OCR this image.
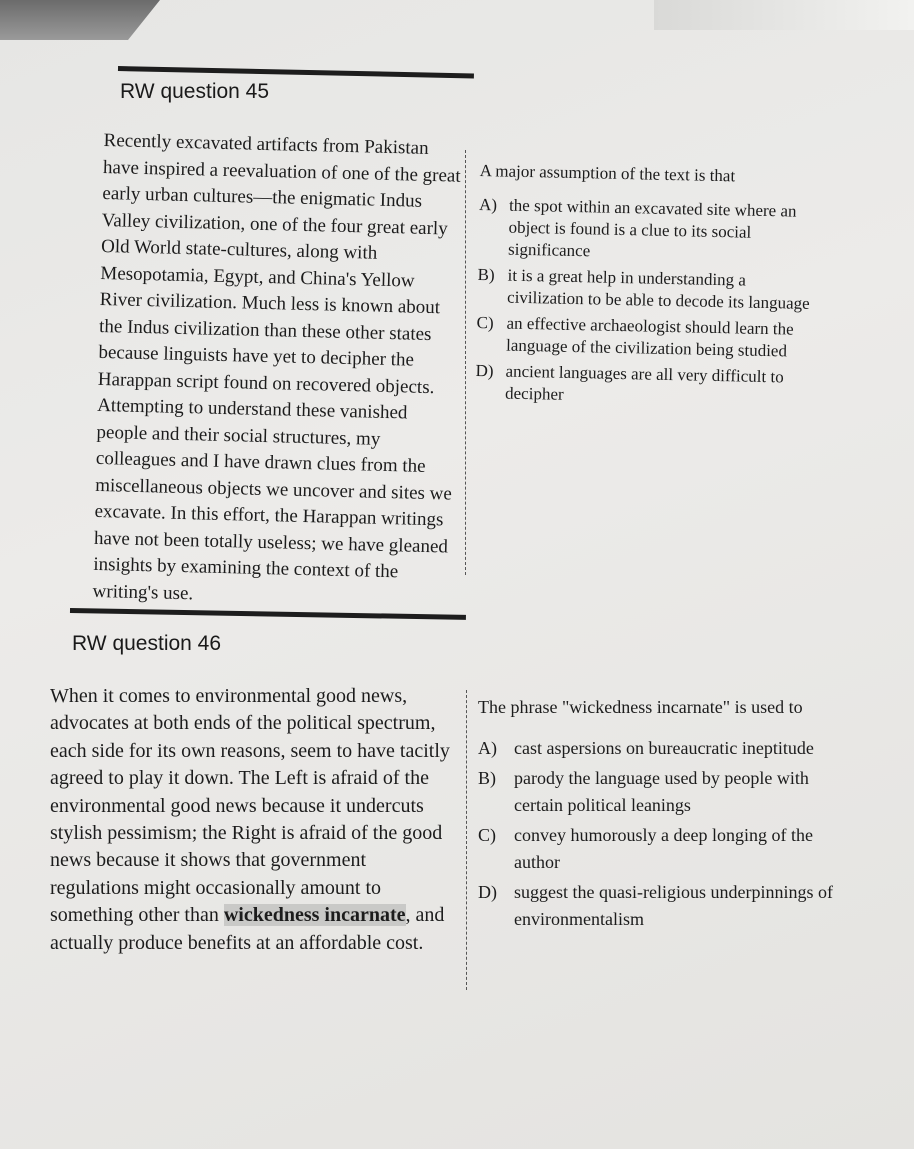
RW question 45

Recently excavated artifacts from Pakistan have inspired a reevaluation of one of the great early urban cultures—the enigmatic Indus Valley civilization, one of the four great early Old World state-cultures, along with Mesopotamia, Egypt, and China's Yellow River civilization. Much less is known about the Indus civilization than these other states because linguists have yet to decipher the Harappan script found on recovered objects. Attempting to understand these vanished people and their social structures, my colleagues and I have drawn clues from the miscellaneous objects we uncover and sites we excavate. In this effort, the Harappan writings have not been totally useless; we have gleaned insights by examining the context of the writing's use.

A major assumption of the text is that

A) the spot within an excavated site where an object is found is a clue to its social significance
B) it is a great help in understanding a civilization to be able to decode its language
C) an effective archaeologist should learn the language of the civilization being studied
D) ancient languages are all very difficult to decipher
RW question 46

When it comes to environmental good news, advocates at both ends of the political spectrum, each side for its own reasons, seem to have tacitly agreed to play it down. The Left is afraid of the environmental good news because it undercuts stylish pessimism; the Right is afraid of the good news because it shows that government regulations might occasionally amount to something other than wickedness incarnate, and actually produce benefits at an affordable cost.

The phrase "wickedness incarnate" is used to

A) cast aspersions on bureaucratic ineptitude
B)	parody the language used by people with certain political leanings
C)	convey humorously a deep longing of the author
D) suggest the quasi-religious underpinnings of environmentalism
